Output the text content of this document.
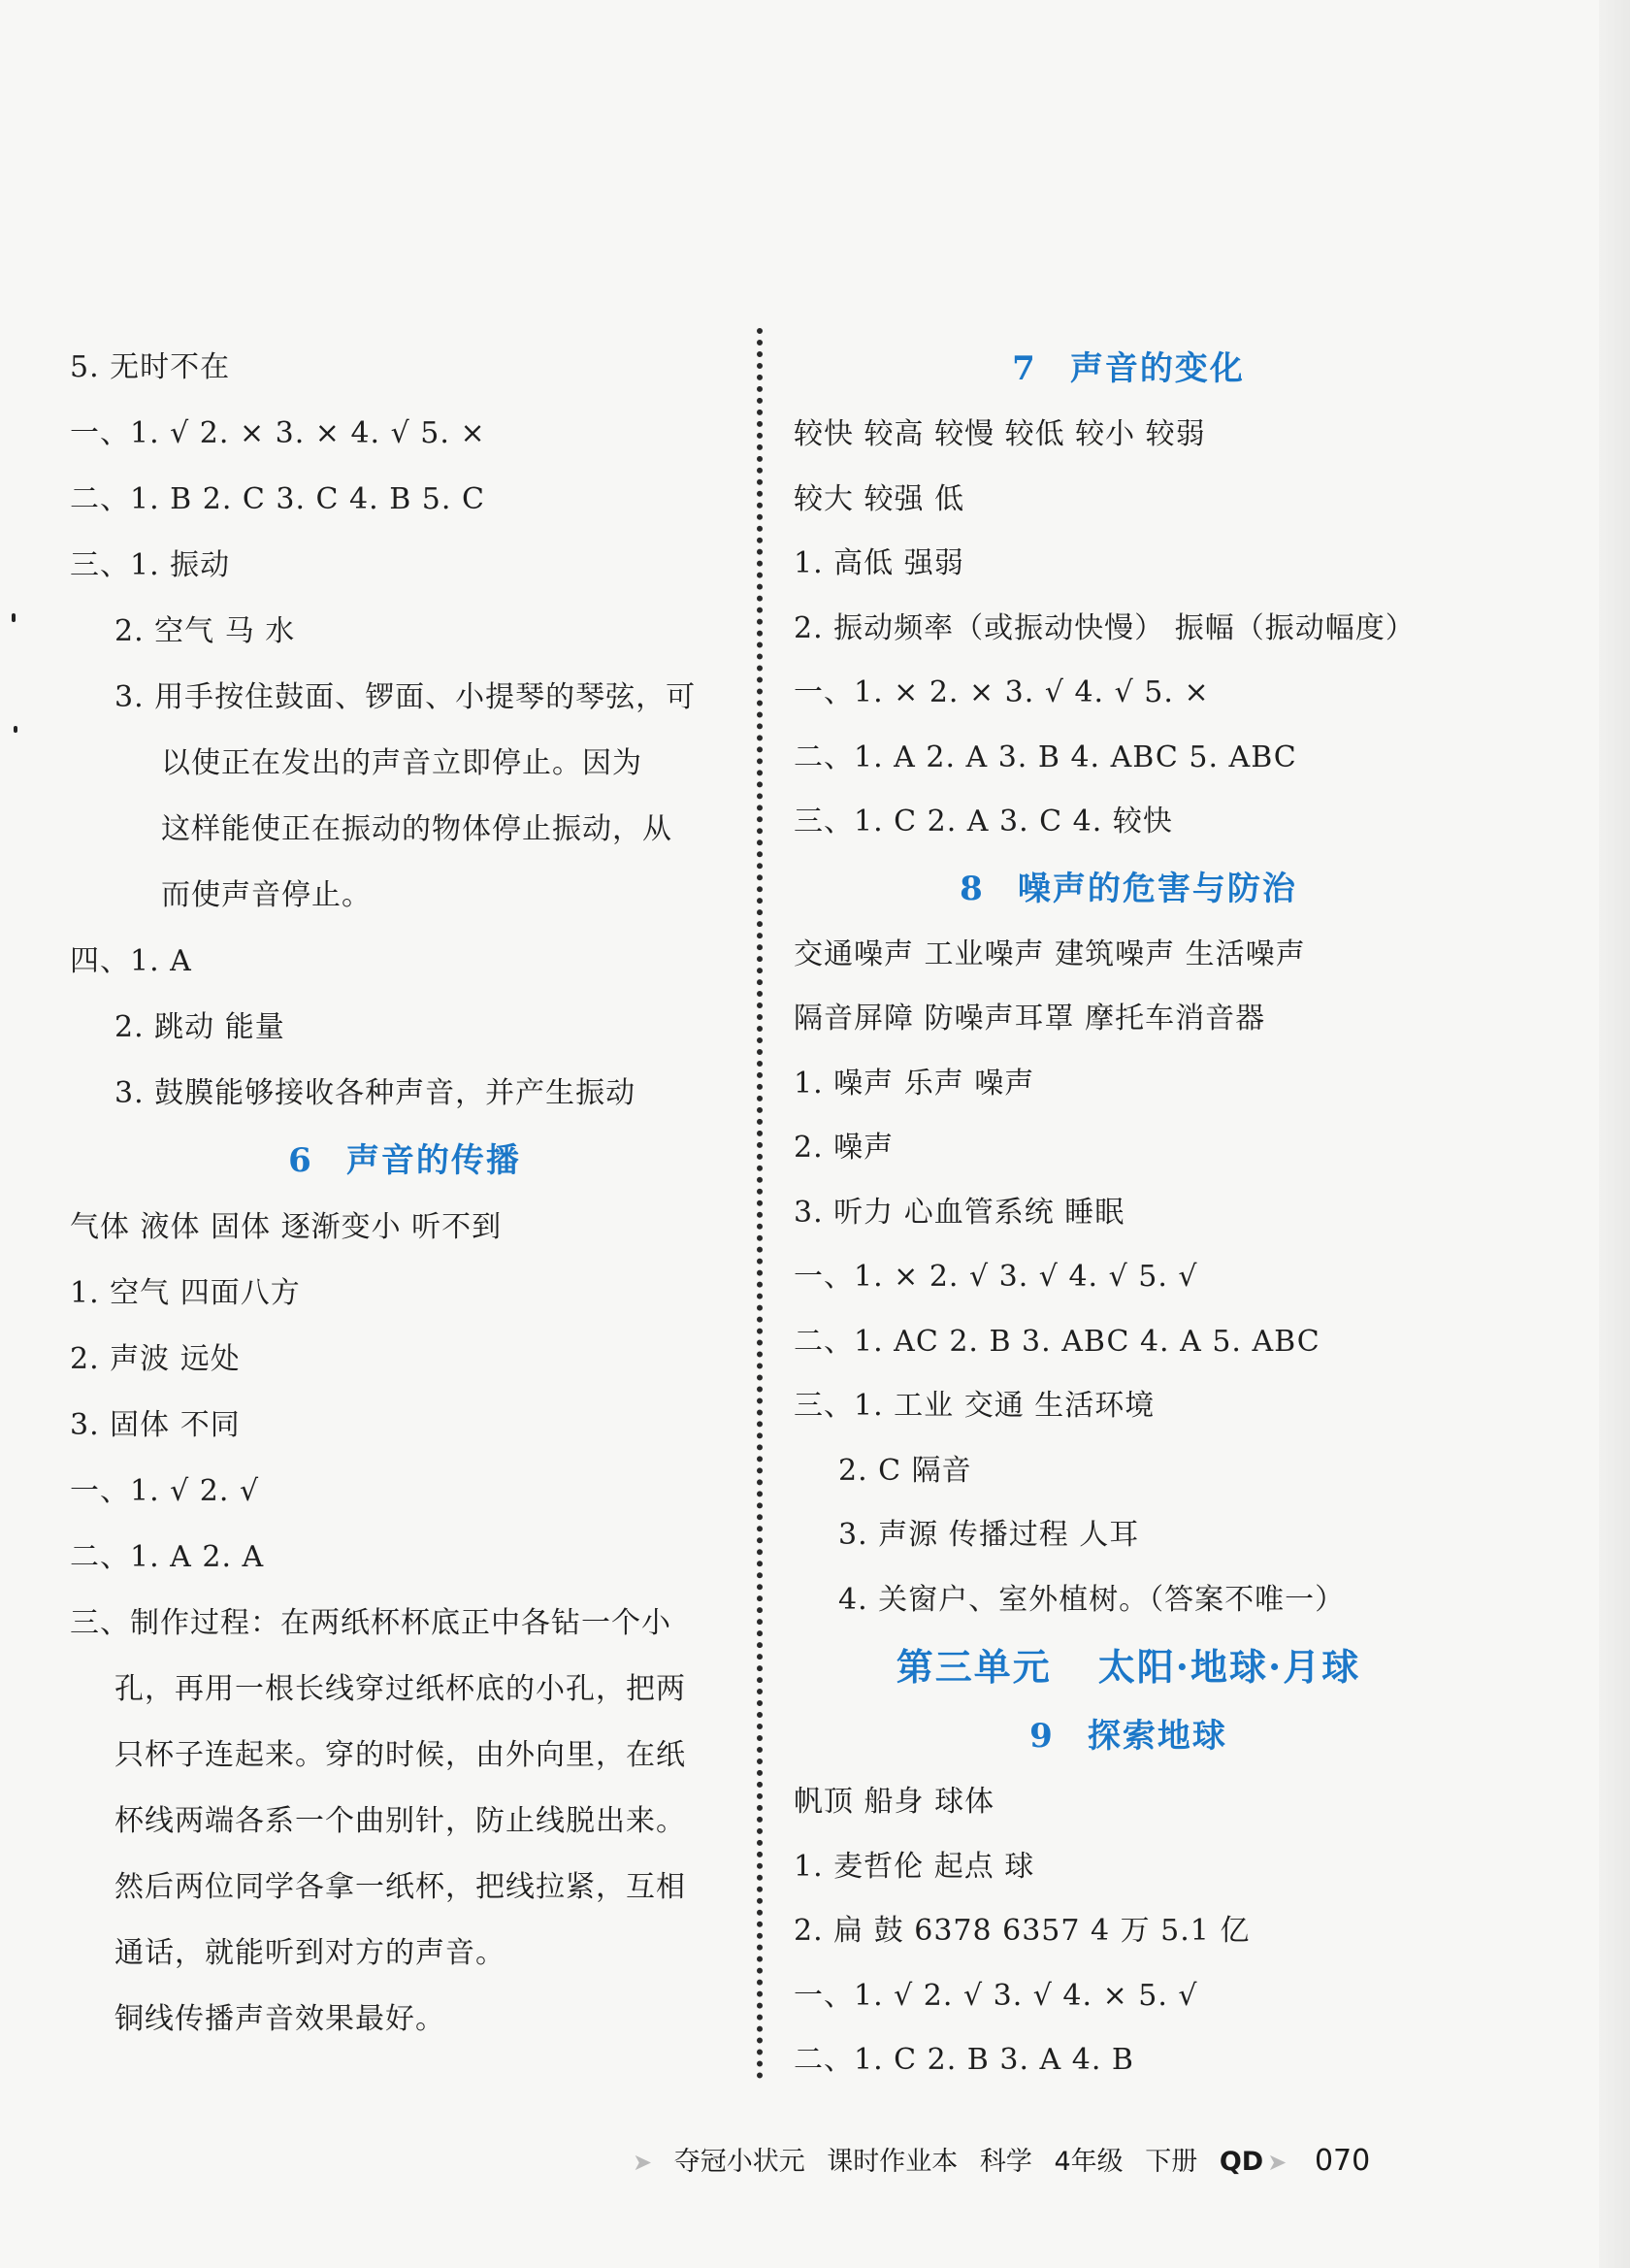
5. 无时不在
一、1. √ 2. × 3. × 4. √ 5. ×
二、1. B 2. C 3. C 4. B 5. C
三、1. 振动
2. 空气 马 水
3. 用手按住鼓面、锣面、小提琴的琴弦，可
以使正在发出的声音立即停止。因为
这样能使正在振动的物体停止振动，从
而使声音停止。
四、1. A
2. 跳动 能量
3. 鼓膜能够接收各种声音，并产生振动
6 声音的传播
气体 液体 固体 逐渐变小 听不到
1. 空气 四面八方
2. 声波 远处
3. 固体 不同
一、1. √ 2. √
二、1. A 2. A
三、制作过程：在两纸杯杯底正中各钻一个小
孔，再用一根长线穿过纸杯底的小孔，把两
只杯子连起来。穿的时候，由外向里，在纸
杯线两端各系一个曲别针，防止线脱出来。
然后两位同学各拿一纸杯，把线拉紧，互相
通话，就能听到对方的声音。
铜线传播声音效果最好。
7 声音的变化
较快 较高 较慢 较低 较小 较弱
较大 较强 低
1. 高低 强弱
2. 振动频率（或振动快慢） 振幅（振动幅度）
一、1. × 2. × 3. √ 4. √ 5. ×
二、1. A 2. A 3. B 4. ABC 5. ABC
三、1. C 2. A 3. C 4. 较快
8 噪声的危害与防治
交通噪声 工业噪声 建筑噪声 生活噪声
隔音屏障 防噪声耳罩 摩托车消音器
1. 噪声 乐声 噪声
2. 噪声
3. 听力 心血管系统 睡眠
一、1. × 2. √ 3. √ 4. √ 5. √
二、1. AC 2. B 3. ABC 4. A 5. ABC
三、1. 工业 交通 生活环境
2. C 隔音
3. 声源 传播过程 人耳
4. 关窗户、室外植树。（答案不唯一）
第三单元 太阳·地球·月球
9 探索地球
帆顶 船身 球体
1. 麦哲伦 起点 球
2. 扁 鼓 6378 6357 4 万 5.1 亿
一、1. √ 2. √ 3. √ 4. × 5. √
二、1. C 2. B 3. A 4. B
➤ 夺冠小状元 课时作业本 科学 4年级 下册 QD ➤ 070
